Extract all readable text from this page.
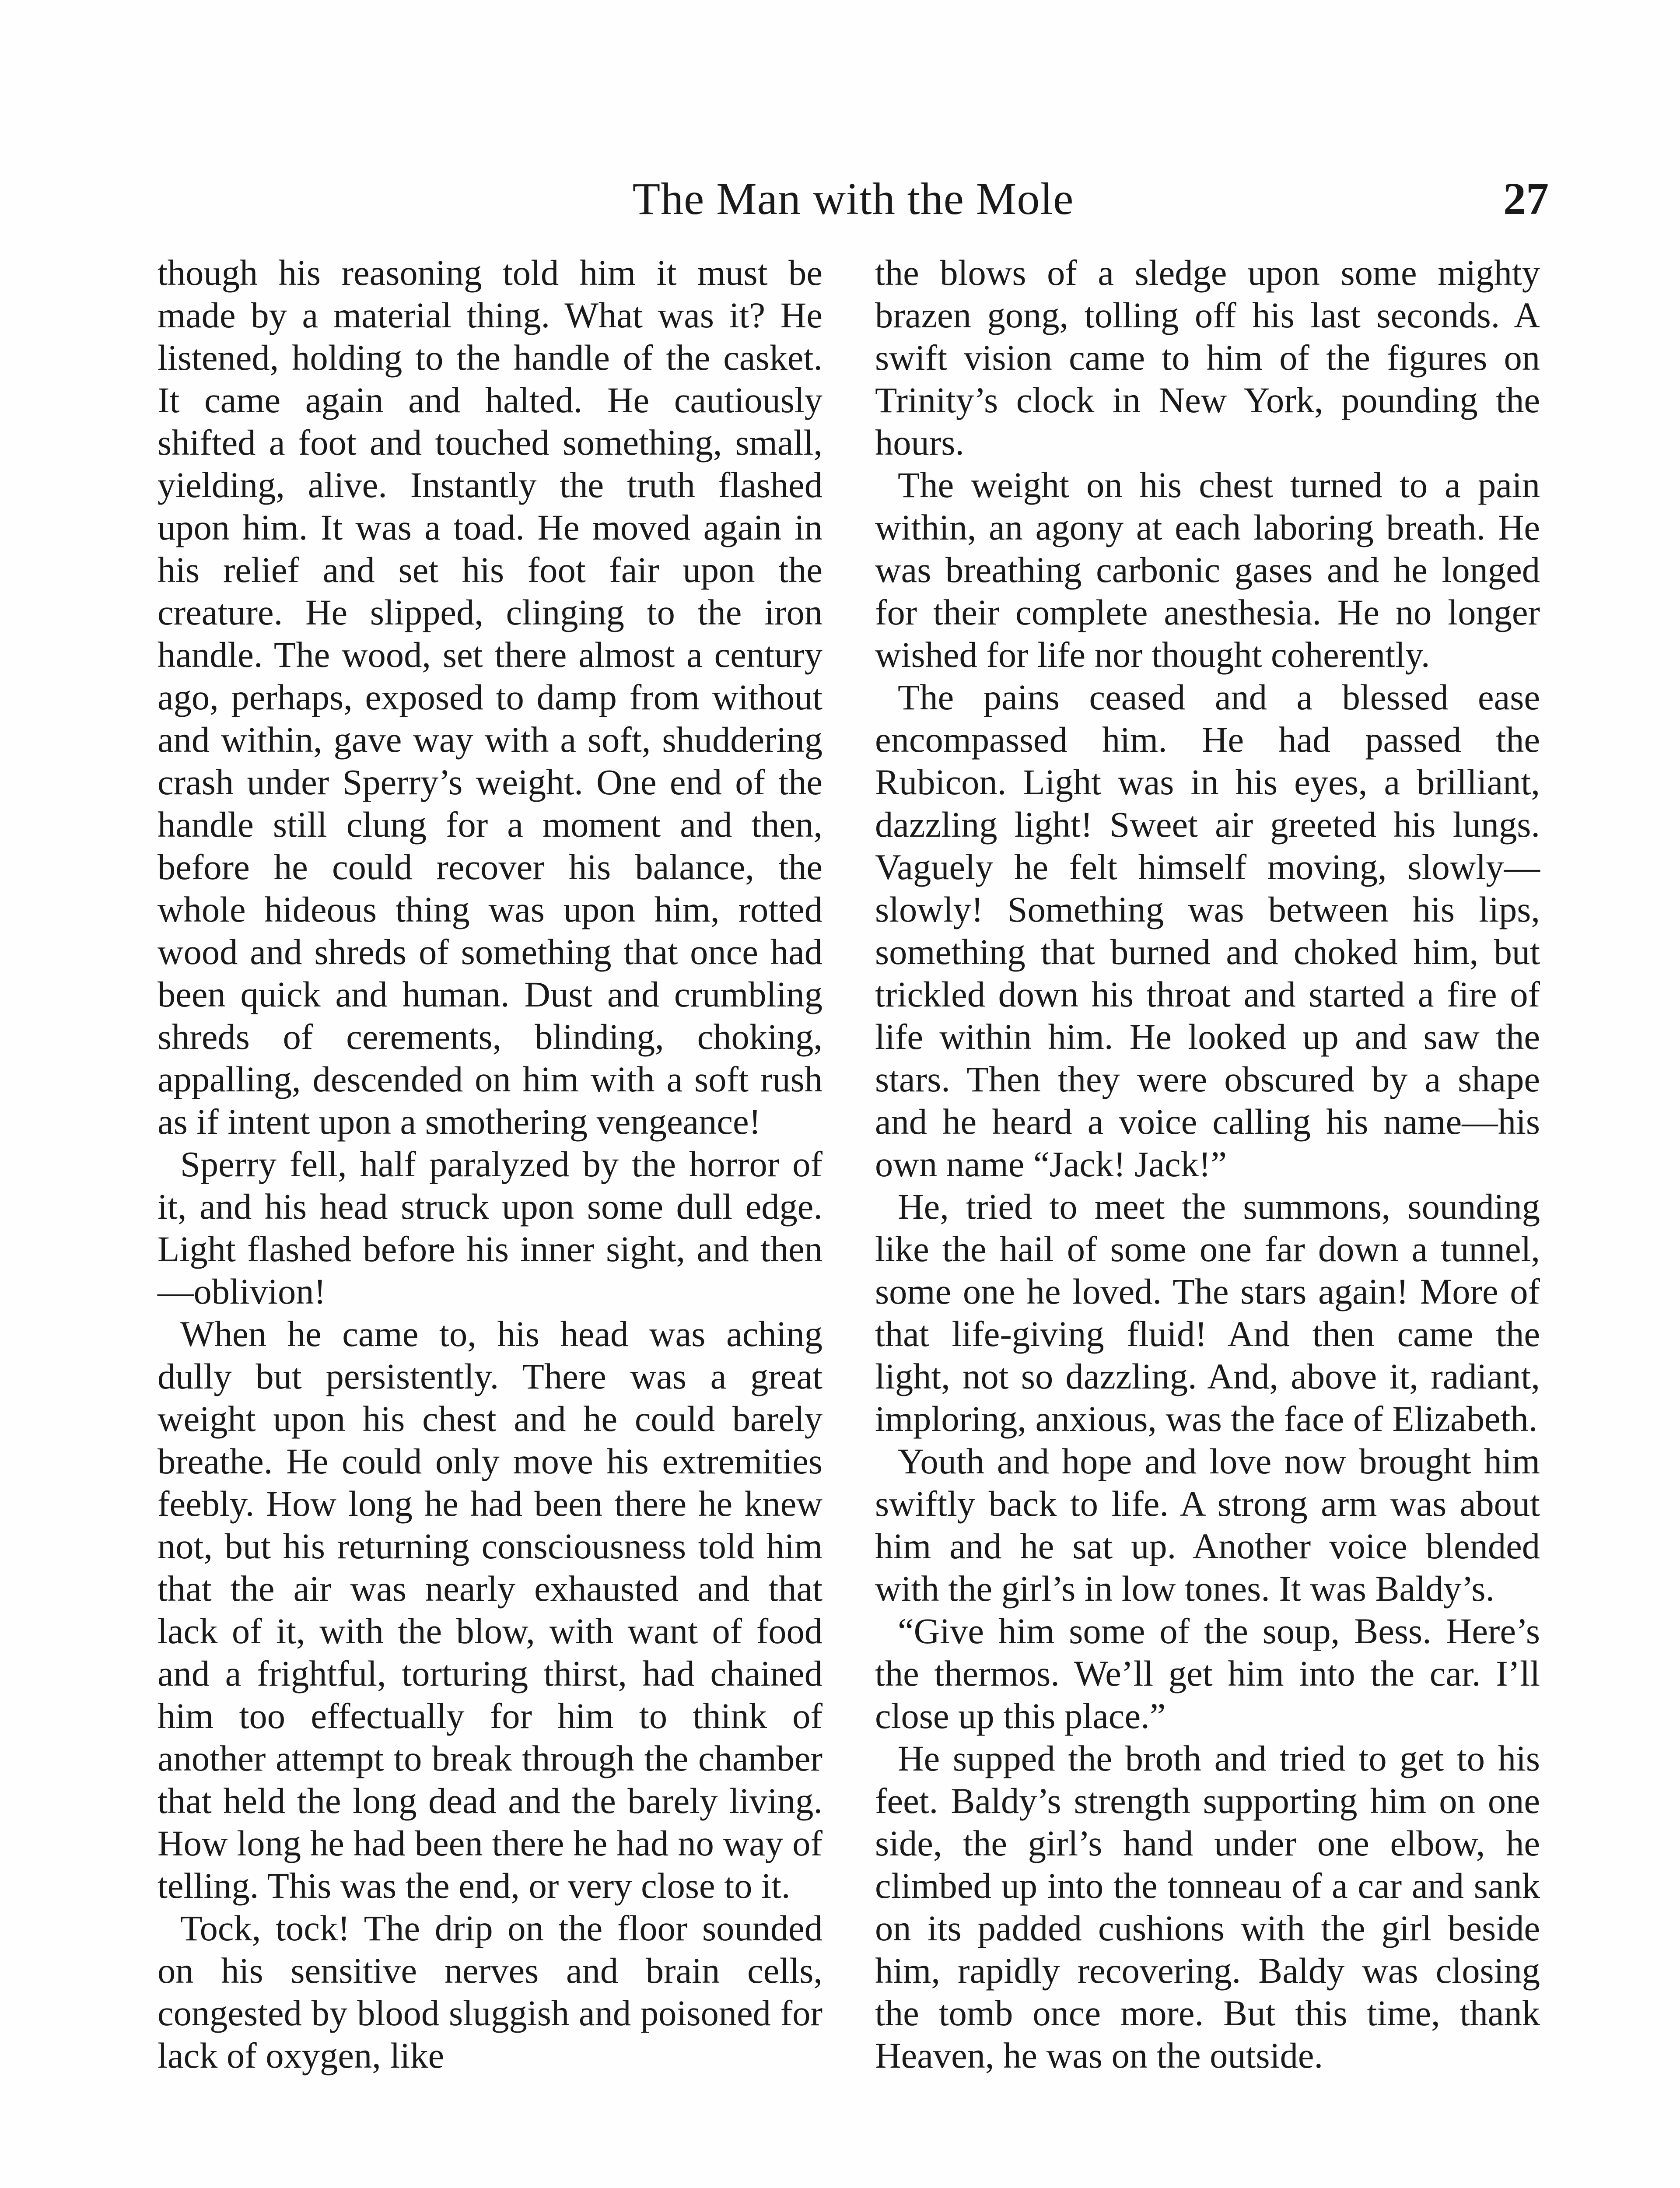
The Man with the Mole	27

though his reasoning told him it must be made by a material thing. What was it? He listened, holding to the handle of the casket. It came again and halted. He cautiously shifted a foot and touched something, small, yielding, alive. Instantly the truth flashed upon him. It was a toad. He moved again in his relief and set his foot fair upon the creature. He slipped, clinging to the iron handle. The wood, set there almost a century ago, perhaps, exposed to damp from without and within, gave way with a soft, shuddering crash under Sperry’s weight. One end of the handle still clung for a moment and then, before he could recover his balance, the whole hideous thing was upon him, rotted wood and shreds of something that once had been quick and human. Dust and crumbling shreds of cerements, blinding, choking, appalling, descended on him with a soft rush as if intent upon a smothering vengeance!

Sperry fell, half paralyzed by the horror of it, and his head struck upon some dull edge. Light flashed before his inner sight, and then—oblivion!

When he came to, his head was aching dully but persistently. There was a great weight upon his chest and he could barely breathe. He could only move his extremities feebly. How long he had been there he knew not, but his returning consciousness told him that the air was nearly exhausted and that lack of it, with the blow, with want of food and a frightful, torturing thirst, had chained him too effectually for him to think of another attempt to break through the chamber that held the long dead and the barely living. How long he had been there he had no way of telling. This was the end, or very close to it.

Tock, tock! The drip on the floor sounded on his sensitive nerves and brain cells, congested by blood sluggish and poisoned for lack of oxygen, like

the blows of a sledge upon some mighty brazen gong, tolling off his last seconds. A swift vision came to him of the figures on Trinity’s clock in New York, pounding the hours.

The weight on his chest turned to a pain within, an agony at each laboring breath. He was breathing carbonic gases and he longed for their complete anesthesia. He no longer wished for life nor thought coherently.

The pains ceased and a blessed ease encompassed him. He had passed the Rubicon. Light was in his eyes, a brilliant, dazzling light! Sweet air greeted his lungs. Vaguely he felt himself moving, slowly—slowly! Something was between his lips, something that burned and choked him, but trickled down his throat and started a fire of life within him. He looked up and saw the stars. Then they were obscured by a shape and he heard a voice calling his name—his own name “Jack! Jack!”

He, tried to meet the summons, sounding like the hail of some one far down a tunnel, some one he loved. The stars again! More of that life-giving fluid! And then came the light, not so dazzling. And, above it, radiant, imploring, anxious, was the face of Elizabeth.

Youth and hope and love now brought him swiftly back to life. A strong arm was about him and he sat up. Another voice blended with the girl’s in low tones. It was Baldy’s.

“Give him some of the soup, Bess. Here’s the thermos. We’ll get him into the car. I’ll close up this place.”

He supped the broth and tried to get to his feet. Baldy’s strength supporting him on one side, the girl’s hand under one elbow, he climbed up into the tonneau of a car and sank on its padded cushions with the girl beside him, rapidly recovering. Baldy was closing the tomb once more. But this time, thank Heaven, he was on the outside.
